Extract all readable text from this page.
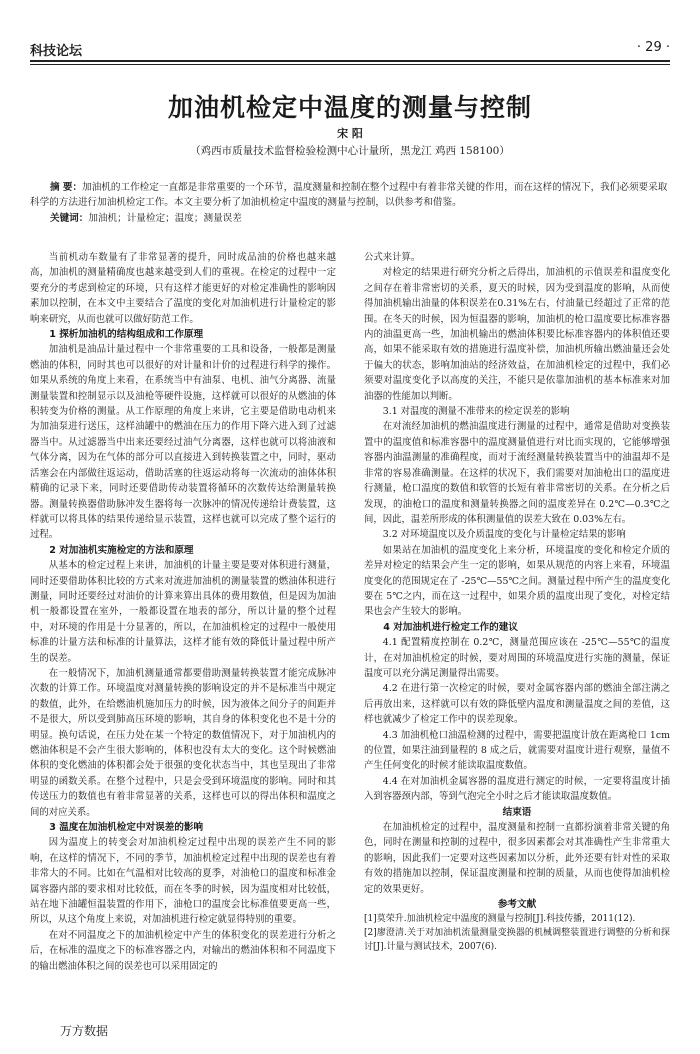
科技论坛	· 29 ·
加油机检定中温度的测量与控制
宋 阳
（鸡西市质量技术监督检验检测中心计量所，黑龙江 鸡西 158100）
摘 要：加油机的工作检定一直都是非常重要的一个环节，温度测量和控制在整个过程中有着非常关键的作用，而在这样的情况下，我们必须要采取科学的方法进行加油机检定工作。本文主要分析了加油机检定中温度的测量与控制，以供参考和借鉴。
关键词：加油机；计量检定；温度；测量误差

当前机动车数量有了非常显著的提升，同时成品油的价格也越来越高，加油机的测量精确度也越来越受到人们的重视。在检定的过程中一定要充分的考虑到检定的环境，只有这样才能更好的对检定准确性的影响因素加以控制，在本文中主要结合了温度的变化对加油机进行计量检定的影响来研究，从而也就可以做好防范工作。

1 探析加油机的结构组成和工作原理

加油机是油品计量过程中一个非常重要的工具和设备，一般都是测量燃油的体积，同时其也可以很好的对计量和计价的过程进行科学的操作。如果从系统的角度上来看，在系统当中有油泵、电机、油气分离器、流量测量装置和控制显示以及油枪等硬件设施，这样就可以很好的从燃油的体积转变为价格的测量。从工作原理的角度上来讲，它主要是借助电动机来为加油泵进行送压，这样油罐中的燃油在压力的作用下降六进入到了过滤器当中。从过滤器当中出来还要经过油气分离器，这样也就可以将油液和气体分离，因为在气体的部分可以直接进入到转换装置之中，同时，驱动活塞会在内部做往返运动，借助活塞的往返运动将每一次流动的油体体积精确的记录下来，同时还要借助传动装置将循环的次数传达给测量转换器。测量转换器借助脉冲发生器将每一次脉冲的情况传递给计费装置，这样就可以将具体的结果传递给显示装置，这样也就可以完成了整个运行的过程。

2 对加油机实施检定的方法和原理

从基本的检定过程上来讲，加油机的计量主要是要对体积进行测量，同时还要借助体积比较的方式来对流进加油机的测量装置的燃油体积进行测量，同时还要经过对油价的计算来算出具体的费用数值，但是因为加油机一般都设置在室外，一般都设置在地表的部分，所以计量的整个过程中，对环境的作用是十分显著的，所以，在加油机检定的过程中一般使用标准的计量方法和标准的计量算法，这样才能有效的降低计量过程中所产生的误差。

在一般情况下，加油机测量通常都要借助测量转换装置才能完成脉冲次数的计算工作。环境温度对测量转换的影响设定的并不是标准当中规定的数值，此外，在给燃油机施加压力的时候，因为液体之间分子的间距并不是很大，所以受到肺高压环境的影响，其自身的体积变化也不是十分的明显。换句话说，在压力处在某一个特定的数值情况下，对于加油机内的燃油体积是不会产生很大影响的，体积也没有太大的变化。这个时候燃油体积的变化燃油的体积都会处于很强的变化状态当中，其也呈现出了非常明显的函数关系。在整个过程中，只是会受到环境温度的影响。同时和其传送压力的数值也有着非常显著的关系，这样也可以的得出体积和温度之间的对应关系。

3 温度在加油机检定中对误差的影响

因为温度上的转变会对加油机检定过程中出现的误差产生不同的影响，在这样的情况下，不同的季节，加油机检定过程中出现的误差也有着非常大的不同。比如在气温相对比较高的夏季，对油枪口的温度和标准金属容器内部的要求相对比较低，而在冬季的时候，因为温度相对比较低，站在地下油罐恒温装置的作用下，油枪口的温度会比标准值要更高一些，所以，从这个角度上来说，对加油机进行检定就显得特别的重要。

在对不同温度之下的加油机检定中产生的体积变化的误差进行分析之后，在标准的温度之下的标准容器之内，对输出的燃油体积和不同温度下的输出燃油体积之间的误差也可以采用固定的

公式来计算。

对检定的结果进行研究分析之后得出，加油机的示值误差和温度变化之间存在着非常密切的关系，夏天的时候，因为受到温度的影响，从而使得加油机输出油量的体积误差在0.31%左右，付油量已经超过了正常的范围。在冬天的时候，因为恒温器的影响，加油机的枪口温度要比标准容器内的油温更高一些，加油机输出的燃油体积要比标准容器内的体积值还要高，如果不能采取有效的措施进行温度补偿，加油机所输出燃油量还会处于偏大的状态，影响加油站的经济效益，在加油机检定的过程中，我们必须要对温度变化予以高度的关注，不能只是依靠加油机的基本标准来对加油器的性能加以判断。

3.1 对温度的测量不准带来的检定误差的影响

在对流经加油机的燃油温度进行测量的过程中，通常是借助对变换装置中的温度值和标准容器中的温度测量值进行对比而实现的，它能够增强容器内油温测量的准确程度，而对于流经测量转换装置当中的油温却不是非常的容易准确测量。在这样的状况下，我们需要对加油枪出口的温度进行测量，枪口温度的数值和软管的长短有着非常密切的关系。在分析之后发现，的油枪口的温度和测量转换器之间的温度差异在 0.2℃—0.3℃之间，因此，温差所形成的体积测量值的误差大致在 0.03%左右。

3.2 对环境温度以及介质温度的变化与计量检定结果的影响

如果站在加油机的温度变化上来分析，环境温度的变化和检定介质的差异对检定的结果会产生一定的影响，如果从规范的内容上来看，环境温度变化的范围规定在了 -25℃—55℃之间。测量过程中所产生的温度变化要在 5℃之内，而在这一过程中，如果介质的温度出现了变化，对检定结果也会产生较大的影响。

4 对加油机进行检定工作的建议

4.1 配置精度控制在 0.2℃，测量范围应该在 -25℃—55℃的温度计，在对加油机检定的时候，要对周围的环境温度进行实施的测量，保证温度可以充分满足测量得出需要。

4.2 在进行第一次检定的时候，要对金属容器内部的燃油全部注满之后再放出来，这样就可以有效的降低壁内温度和测量温度之间的差值，这样也就减少了检定工作中的误差现象。

4.3 加油机枪口油温检测的过程中，需要把温度计放在距离枪口 1cm 的位置，如果注油到量程的 8 成之后，就需要对温度计进行观察，量值不产生任何变化的时候才能读取温度数值。

4.4 在对加油机金属容器的温度进行测定的时候，一定要将温度计插入到容器颈内部，等到气泡完全小时之后才能读取温度数值。

结束语

在加油机检定的过程中，温度测量和控制一直都扮演着非常关键的角色，同时在测量和控制的过程中，很多因素都会对其准确性产生非常重大的影响，因此我们一定要对这些因素加以分析，此外还要有针对性的采取有效的措施加以控制，保证温度测量和控制的质量，从而也使得加油机检定的效果更好。

参考文献

[1]莫荣升.加油机检定中温度的测量与控制[J].科技传播，2011(12).

[2]廖澄清.关于对加油机流量测量变换器的机械调整装置进行调整的分析和探讨[J].计量与测试技术，2007(6).

万方数据
